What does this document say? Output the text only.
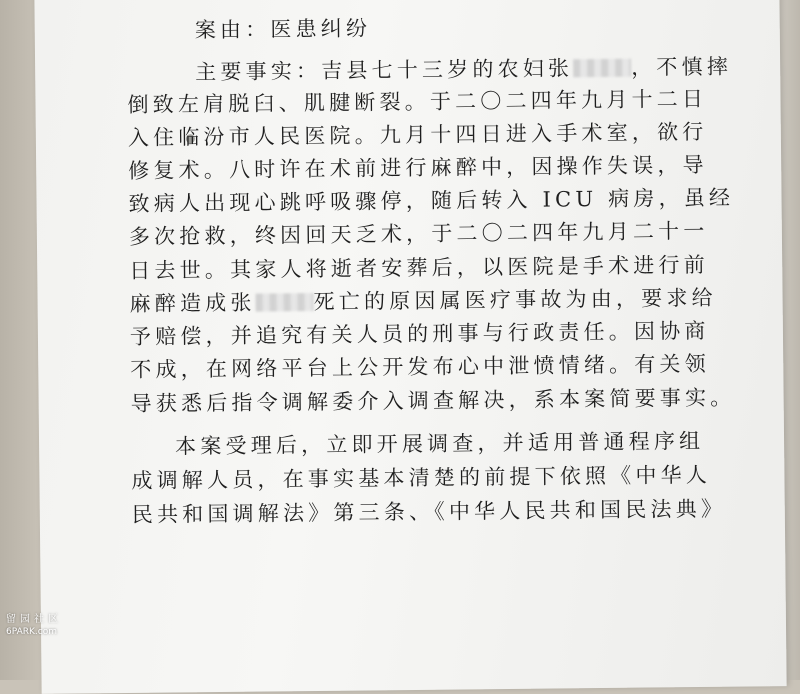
案由：医患纠纷
主要事实：吉县七十三岁的农妇张	，不慎摔
倒致左肩脱臼、肌腱断裂。于二〇二四年九月十二日
入住临汾市人民医院。九月十四日进入手术室，欲行
修复术。八时许在术前进行麻醉中，因操作失误，导
致病人出现心跳呼吸骤停，随后转入 ICU 病房，虽经
多次抢救，终因回天乏术，于二〇二四年九月二十一
日去世。其家人将逝者安葬后，以医院是手术进行前
麻醉造成张	死亡的原因属医疗事故为由，要求给
予赔偿，并追究有关人员的刑事与行政责任。因协商
不成，在网络平台上公开发布心中泄愤情绪。有关领
导获悉后指令调解委介入调查解决，系本案简要事实。
本案受理后，立即开展调查，并适用普通程序组
成调解人员，在事实基本清楚的前提下依照《中华人
民共和国调解法》第三条、《中华人民共和国民法典》
留园社区
6PARK.com
